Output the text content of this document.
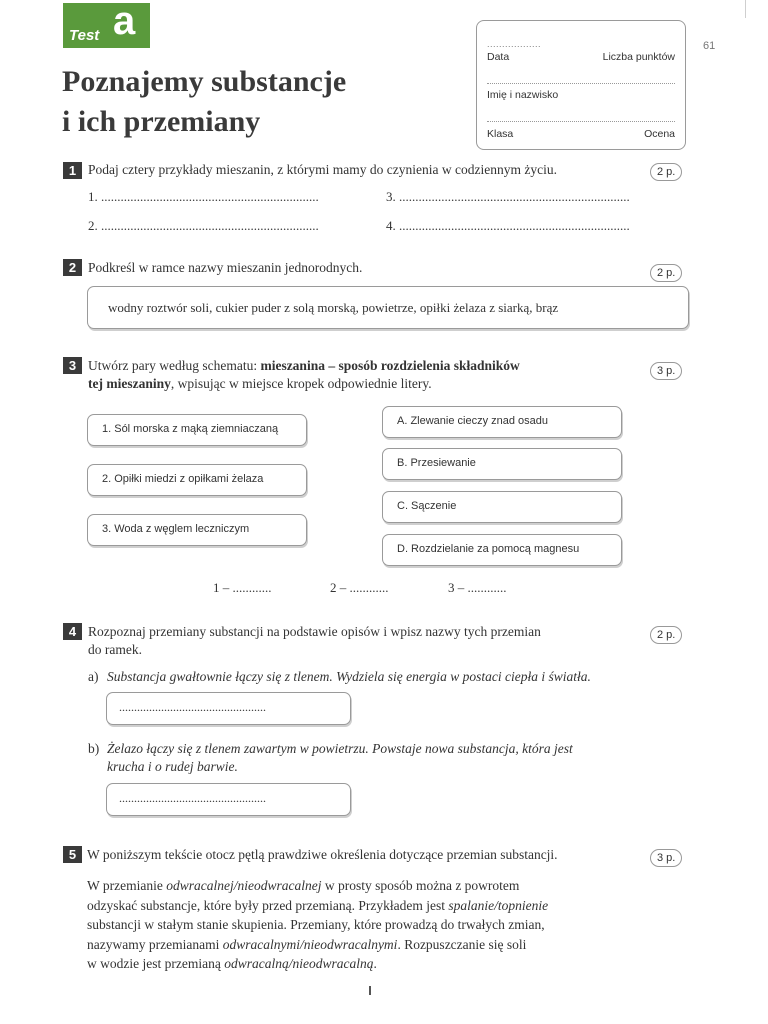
Test a
Poznajemy substancje
i ich przemiany
..................
Data	Liczba punktów
Imię i nazwisko
Klasa	Ocena
61
1 Podaj cztery przykłady mieszanin, z którymi mamy do czynienia w codziennym życiu.	2 p.
1. ...................................................................
2. ...................................................................
3. .......................................................................
4. .......................................................................
2 Podkreśl w ramce nazwy mieszanin jednorodnych.	2 p.
wodny roztwór soli, cukier puder z solą morską, powietrze, opiłki żelaza z siarką, brąz
3 Utwórz pary według schematu: mieszanina – sposób rozdzielenia składników
tej mieszaniny, wpisując w miejsce kropek odpowiednie litery.
3 p.
1. Sól morska z mąką ziemniaczaną
2. Opiłki miedzi z opiłkami żelaza
3. Woda z węglem leczniczym
A. Zlewanie cieczy znad osadu
B. Przesiewanie
C. Sączenie
D. Rozdzielanie za pomocą magnesu
1 – ............	2 – ............	3 – ............
4 Rozpoznaj przemiany substancji na podstawie opisów i wpisz nazwy tych przemian
do ramek.
2 p.
a) Substancja gwałtownie łączy się z tlenem. Wydziela się energia w postaci ciepła i światła.
.................................................
b) Żelazo łączy się z tlenem zawartym w powietrzu. Powstaje nowa substancja, która jest
krucha i o rudej barwie.
.................................................
5 W poniższym tekście otocz pętlą prawdziwe określenia dotyczące przemian substancji.	3 p.
W przemianie odwracalnej/nieodwracalnej w prosty sposób można z powrotem
odzyskać substancje, które były przed przemianą. Przykładem jest spalanie/topnienie
substancji w stałym stanie skupienia. Przemiany, które prowadzą do trwałych zmian,
nazywamy przemianami odwracalnymi/nieodwracalnymi. Rozpuszczanie się soli
w wodzie jest przemianą odwracalną/nieodwracalną.
